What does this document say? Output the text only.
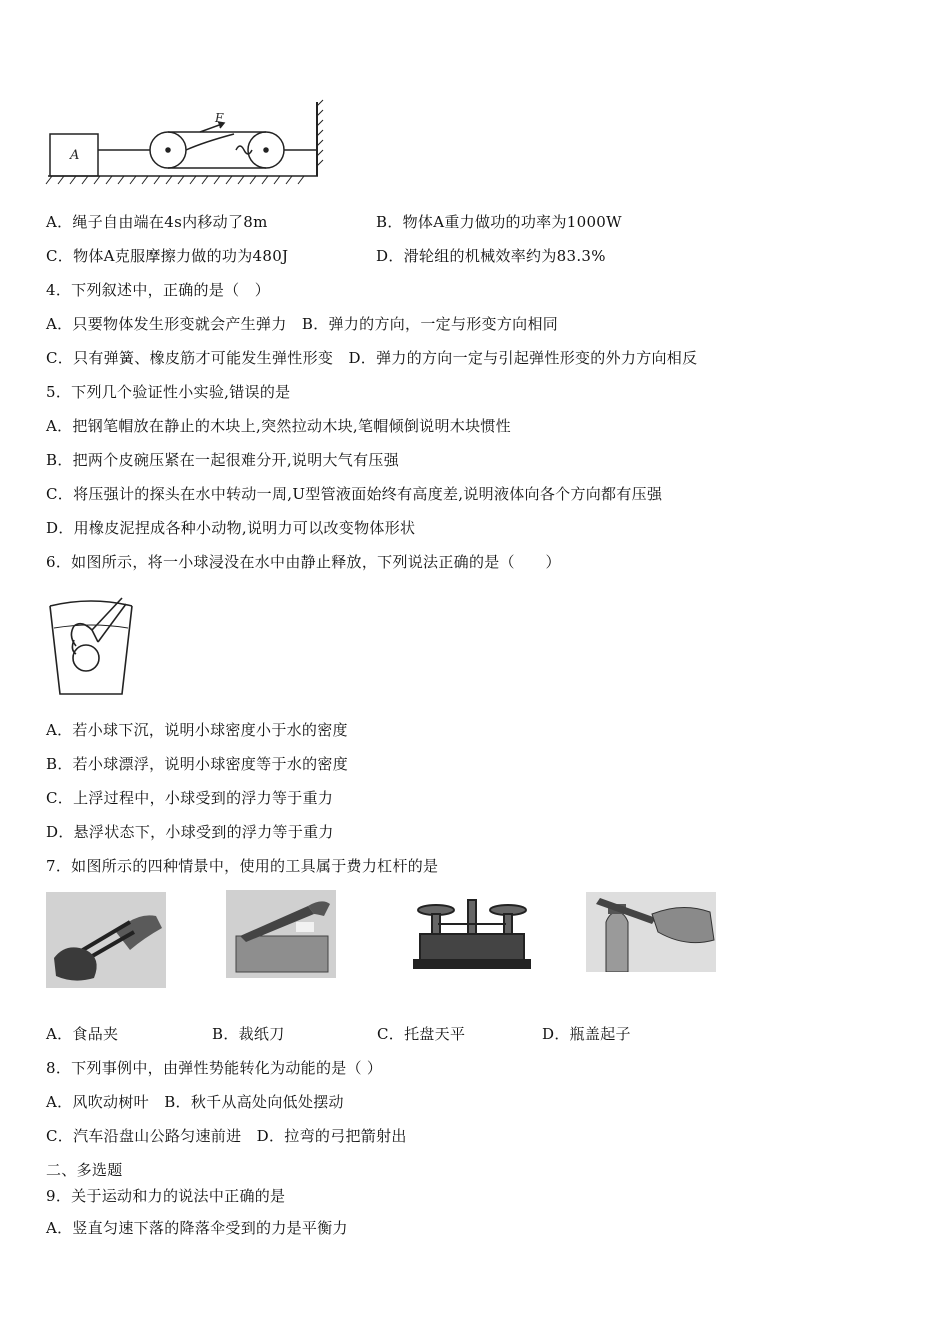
A
F
A．绳子自由端在4s内移动了8m	B．物体A重力做功的功率为1000W
C．物体A克服摩擦力做的功为480J	D．滑轮组的机械效率约为83.3%
4．下列叙述中，正确的是（　）
A．只要物体发生形变就会产生弹力　B．弹力的方向，一定与形变方向相同
C．只有弹簧、橡皮筋才可能发生弹性形变　D．弹力的方向一定与引起弹性形变的外力方向相反
5．下列几个验证性小实验,错误的是
A．把钢笔帽放在静止的木块上,突然拉动木块,笔帽倾倒说明木块惯性
B．把两个皮碗压紧在一起很难分开,说明大气有压强
C．将压强计的探头在水中转动一周,U型管液面始终有高度差,说明液体向各个方向都有压强
D．用橡皮泥捏成各种小动物,说明力可以改变物体形状
6．如图所示，将一小球浸没在水中由静止释放，下列说法正确的是（　　）
A．若小球下沉，说明小球密度小于水的密度
B．若小球漂浮，说明小球密度等于水的密度
C．上浮过程中，小球受到的浮力等于重力
D．悬浮状态下，小球受到的浮力等于重力
7．如图所示的四种情景中，使用的工具属于费力杠杆的是
A．食品夹	B．裁纸刀	C．托盘天平	D．瓶盖起子
8．下列事例中，由弹性势能转化为动能的是（ ）
A．风吹动树叶　B．秋千从高处向低处摆动
C．汽车沿盘山公路匀速前进　D．拉弯的弓把箭射出
二、多选题
9．关于运动和力的说法中正确的是
A．竖直匀速下落的降落伞受到的力是平衡力
